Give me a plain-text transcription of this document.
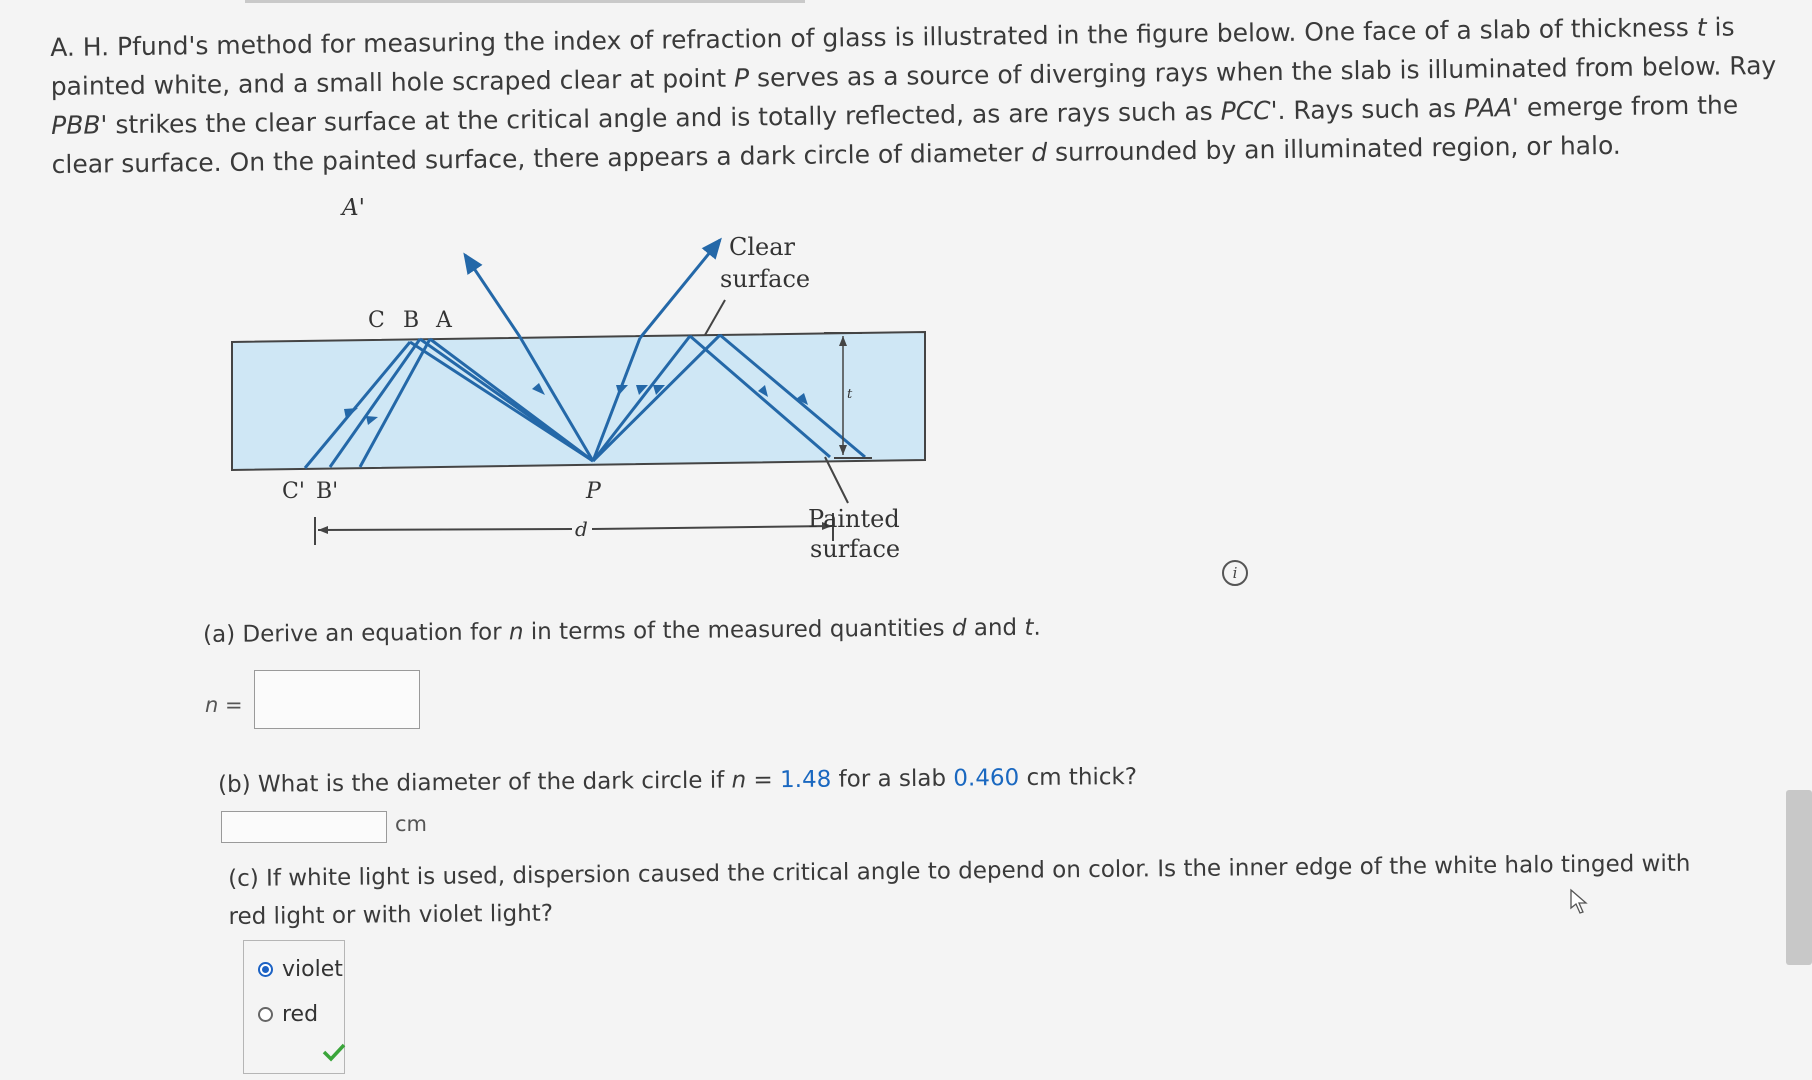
A. H. Pfund's method for measuring the index of refraction of glass is illustrated in the figure below. One face of a slab of thickness t is painted white, and a small hole scraped clear at point P serves as a source of diverging rays when the slab is illuminated from below. Ray PBB' strikes the clear surface at the critical angle and is totally reflected, as are rays such as PCC'. Rays such as PAA' emerge from the clear surface. On the painted surface, there appears a dark circle of diameter d surrounded by an illuminated region, or halo.
A'
C B A
Clear
surface
C' B'	P
d
t
Painted
surface
i
(a) Derive an equation for n in terms of the measured quantities d and t.
n =
(b) What is the diameter of the dark circle if n = 1.48 for a slab 0.460 cm thick?
cm
(c) If white light is used, dispersion caused the critical angle to depend on color. Is the inner edge of the white halo tinged with red light or with violet light?
violet
red
